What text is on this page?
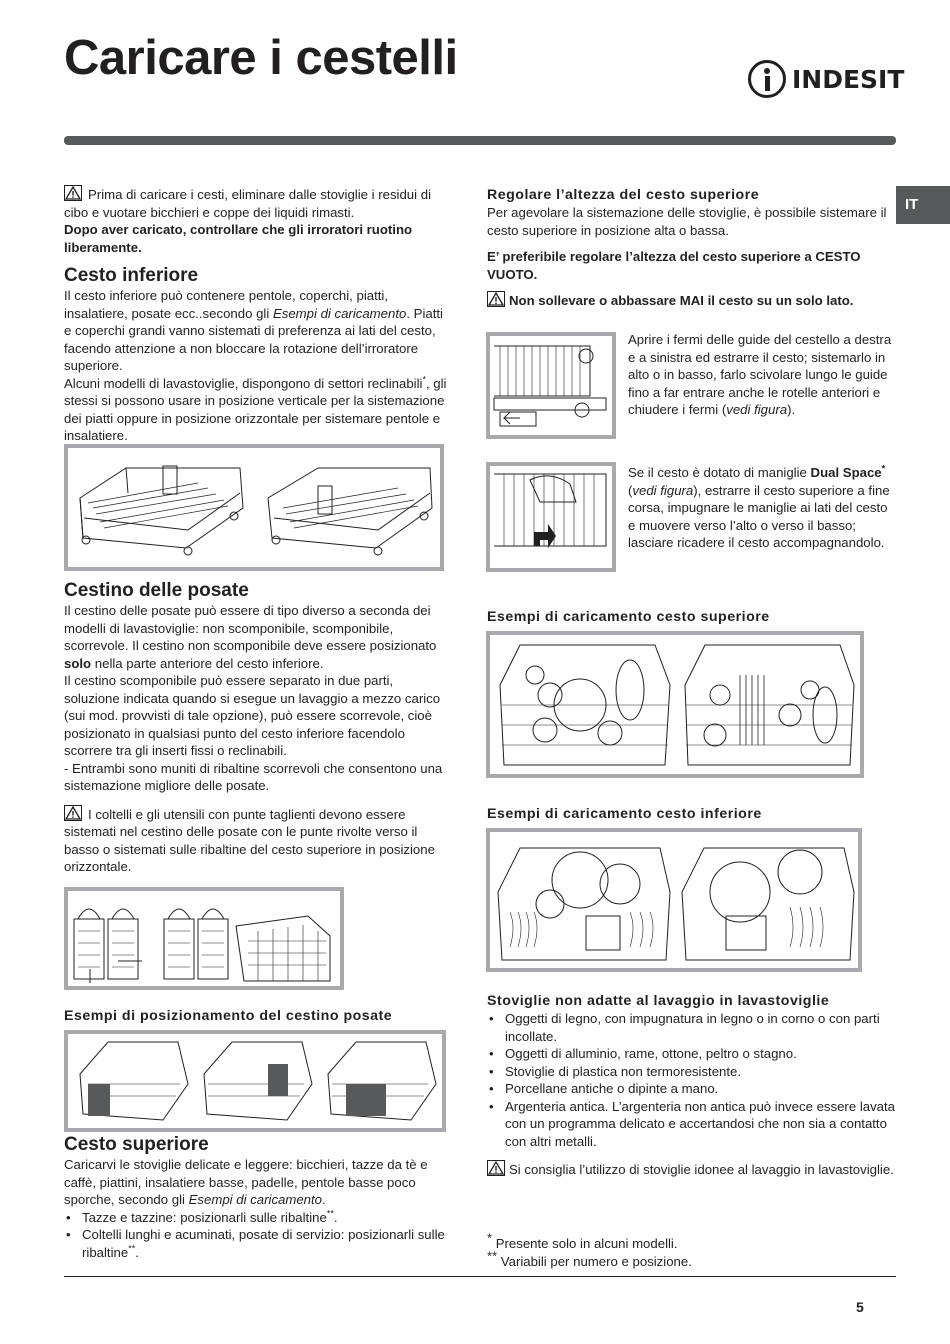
Caricare i cestelli	INDESIT
IT

Prima di caricare i cesti, eliminare dalle stoviglie i residui di cibo e vuotare bicchieri e coppe dei liquidi rimasti.

Dopo aver caricato, controllare che gli irroratori ruotino liberamente.

Cesto inferiore

Il cesto inferiore può contenere pentole, coperchi, piatti, insalatiere, posate ecc..secondo gli Esempi di caricamento. Piatti e coperchi grandi vanno sistemati di preferenza ai lati del cesto, facendo attenzione a non bloccare la rotazione dell’irroratore superiore.

Alcuni modelli di lavastoviglie, dispongono di settori reclinabili*, gli stessi si possono usare in posizione verticale per la sistemazione dei piatti oppure in posizione orizzontale per sistemare pentole e insalatiere.

Cestino delle posate

Il cestino delle posate può essere di tipo diverso a seconda dei modelli di lavastoviglie: non scomponibile, scomponibile, scorrevole. Il cestino non scomponibile deve essere posizionato solo nella parte anteriore del cesto inferiore.

Il cestino scomponibile può essere separato in due parti, soluzione indicata quando si esegue un lavaggio a mezzo carico (sui mod. provvisti di tale opzione), può essere scorrevole, cioè posizionato in qualsiasi punto del cesto inferiore facendolo scorrere tra gli inserti fissi o reclinabili.

- Entrambi sono muniti di ribaltine scorrevoli che consentono una sistemazione migliore delle posate.

I coltelli e gli utensili con punte taglienti devono essere sistemati nel cestino delle posate con le punte rivolte verso il basso o sistemati sulle ribaltine del cesto superiore in posizione orizzontale.

Esempi di posizionamento del cestino posate

Cesto superiore

Caricarvi le stoviglie delicate e leggere: bicchieri, tazze da tè e caffè, piattini, insalatiere basse, padelle, pentole basse poco sporche, secondo gli Esempi di caricamento.

• Tazze e tazzine: posizionarli sulle ribaltine**.
• Coltelli lunghi e acuminati, posate di servizio: posizionarli sulle ribaltine**.

Regolare l’altezza del cesto superiore

Per agevolare la sistemazione delle stoviglie, è possibile sistemare il cesto superiore in posizione alta o bassa.

E’ preferibile regolare l’altezza del cesto superiore a CESTO VUOTO.

Non sollevare o abbassare MAI il cesto su un solo lato.

Aprire i fermi delle guide del cestello a destra e a sinistra ed estrarre il cesto; sistemarlo in alto o in basso, farlo scivolare lungo le guide fino a far entrare anche le rotelle anteriori e chiudere i fermi (vedi figura).

Se il cesto è dotato di maniglie Dual Space* (vedi figura), estrarre il cesto superiore a fine corsa, impugnare le maniglie ai lati del cesto e muovere verso l’alto o verso il basso; lasciare ricadere il cesto accompagnandolo.

Esempi di caricamento cesto superiore

Esempi di caricamento cesto inferiore

Stoviglie non adatte al lavaggio in lavastoviglie

• Oggetti di legno, con impugnatura in legno o in corno o con parti incollate.
• Oggetti di alluminio, rame, ottone, peltro o stagno.
• Stoviglie di plastica non termoresistente.
• Porcellane antiche o dipinte a mano.
• Argenteria antica. L’argenteria non antica può invece essere lavata con un programma delicato e accertandosi che non sia a contatto con altri metalli.

Si consiglia l’utilizzo di stoviglie idonee al lavaggio in lavastoviglie.

* Presente solo in alcuni modelli.

** Variabili per numero e posizione.

5
